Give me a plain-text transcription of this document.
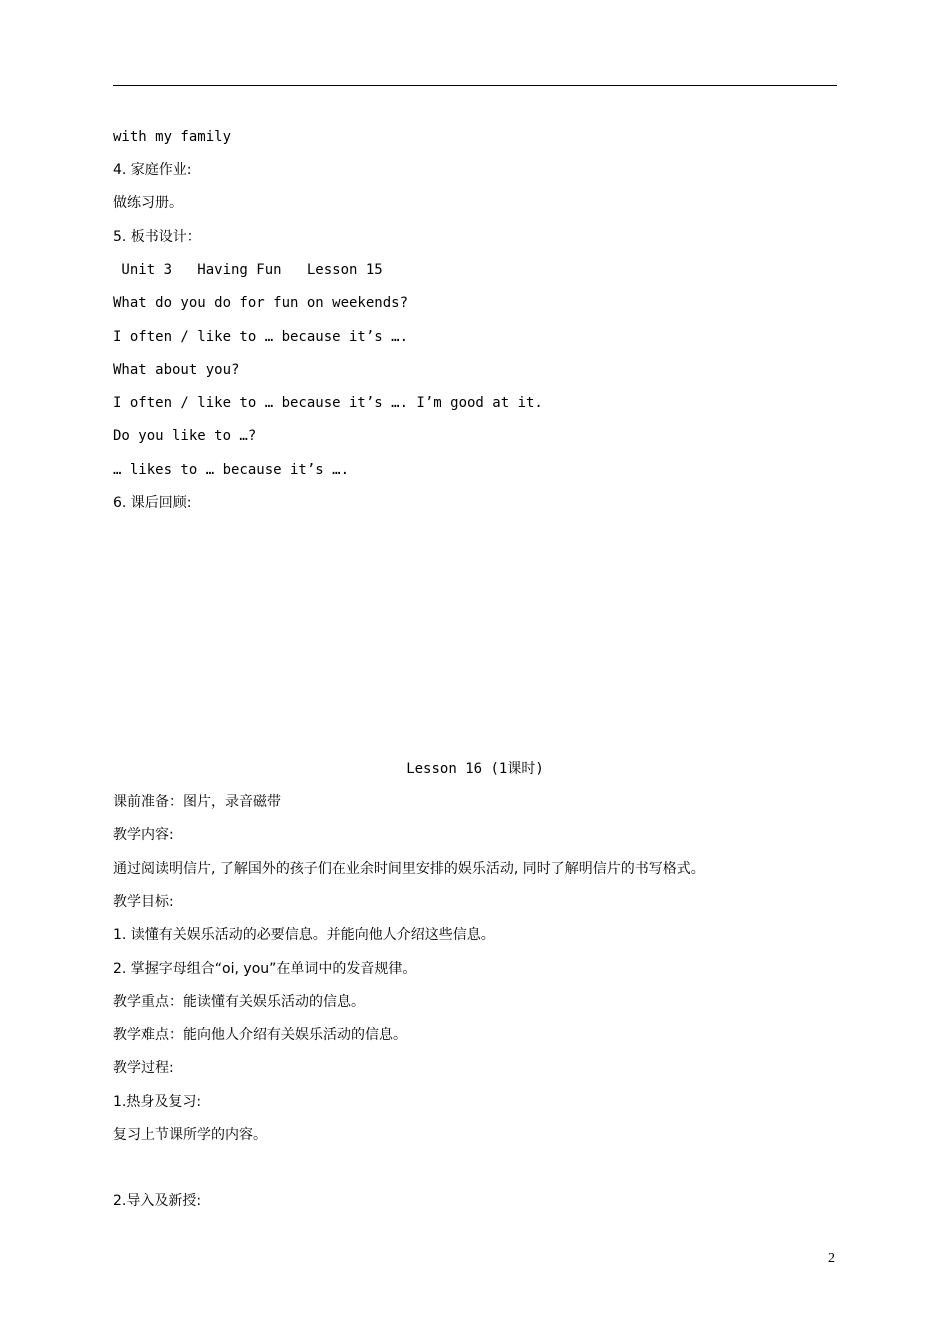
with my family
4. 家庭作业:
做练习册。
5. 板书设计：
Unit 3   Having Fun   Lesson 15
What do you do for fun on weekends?
I often / like to … because it’s ….
What about you?
I often / like to … because it’s …. I’m good at it.
Do you like to …?
… likes to … because it’s ….
6. 课后回顾:
Lesson 16 (1课时)
课前准备：图片，录音磁带
教学内容:
通过阅读明信片, 了解国外的孩子们在业余时间里安排的娱乐活动, 同时了解明信片的书写格式。
教学目标:
1. 读懂有关娱乐活动的必要信息。并能向他人介绍这些信息。
2. 掌握字母组合“oi, you”在单词中的发音规律。
教学重点：能读懂有关娱乐活动的信息。
教学难点：能向他人介绍有关娱乐活动的信息。
教学过程:
1.热身及复习:
复习上节课所学的内容。
2.导入及新授:
2
